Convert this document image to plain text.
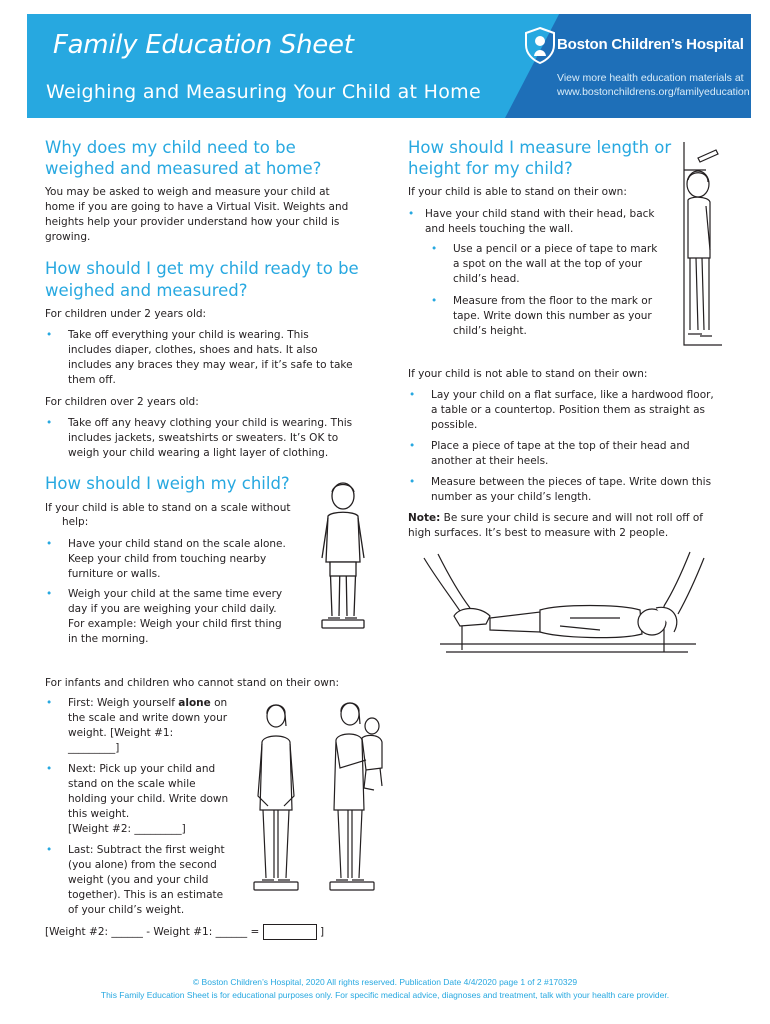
Family Education Sheet
Weighing and Measuring Your Child at Home
Boston Children’s Hospital
View more health education materials at
www.bostonchildrens.org/familyeducation
Why does my child need to be
weighed and measured at home?
You may be asked to weigh and measure your child at
home if you are going to have a Virtual Visit. Weights and
heights help your provider understand how your child is
growing.
How should I get my child ready to be
weighed and measured?
For children under 2 years old:
• Take off everything your child is wearing. This
includes diaper, clothes, shoes and hats. It also
includes any braces they may wear, if it’s safe to take
them off.
For children over 2 years old:
• Take off any heavy clothing your child is wearing. This
includes jackets, sweatshirts or sweaters. It’s OK to
weigh your child wearing a light layer of clothing.
How should I weigh my child?
If your child is able to stand on a scale without
help:
• Have your child stand on the scale alone.
Keep your child from touching nearby
furniture or walls.
• Weigh your child at the same time every
day if you are weighing your child daily.
For example: Weigh your child first thing
in the morning.
For infants and children who cannot stand on their own:
• First: Weigh yourself alone on
the scale and write down your
weight. [Weight #1:
_________]
• Next: Pick up your child and
stand on the scale while
holding your child. Write down
this weight.
[Weight #2: _________]
• Last: Subtract the first weight
(you alone) from the second
weight (you and your child
together). This is an estimate
of your child’s weight.
[Weight #2: ______ - Weight #1: ______ =	]
How should I measure length or
height for my child?
If your child is able to stand on their own:
• Have your child stand with their head, back
and heels touching the wall.
• Use a pencil or a piece of tape to mark
a spot on the wall at the top of your
child’s head.
• Measure from the floor to the mark or
tape. Write down this number as your
child’s height.
If your child is not able to stand on their own:
• Lay your child on a flat surface, like a hardwood floor,
a table or a countertop. Position them as straight as
possible.
• Place a piece of tape at the top of their head and
another at their heels.
• Measure between the pieces of tape. Write down this
number as your child’s length.
Note: Be sure your child is secure and will not roll off of
high surfaces. It’s best to measure with 2 people.
© Boston Children’s Hospital, 2020 All rights reserved. Publication Date 4/4/2020 page 1 of 2 #170329
This Family Education Sheet is for educational purposes only. For specific medical advice, diagnoses and treatment, talk with your health care provider.
